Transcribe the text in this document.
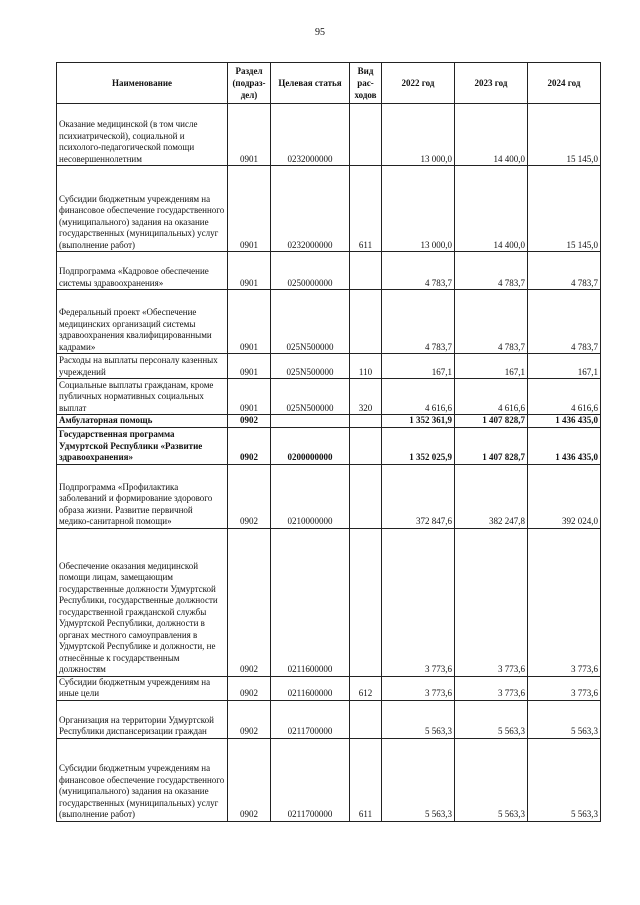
95
Наименование	Раздел (подраз-дел)	Целевая статья	Вид рас-ходов	2022 год	2023 год	2024 год
Оказание медицинской (в том числе психиатрической), социальной и психолого-педагогической помощи несовершеннолетним	0901	0232000000		13 000,0	14 400,0	15 145,0
Субсидии бюджетным учреждениям на финансовое обеспечение государственного (муниципального) задания на оказание государственных (муниципальных) услуг (выполнение работ)	0901	0232000000	611	13 000,0	14 400,0	15 145,0
Подпрограмма «Кадровое обеспечение системы здравоохранения»	0901	0250000000		4 783,7	4 783,7	4 783,7
Федеральный проект «Обеспечение медицинских организаций системы здравоохранения квалифицированными кадрами»	0901	025N500000		4 783,7	4 783,7	4 783,7
Расходы на выплаты персоналу казенных учреждений	0901	025N500000	110	167,1	167,1	167,1
Социальные выплаты гражданам, кроме публичных нормативных социальных выплат	0901	025N500000	320	4 616,6	4 616,6	4 616,6
Амбулаторная помощь	0902			1 352 361,9	1 407 828,7	1 436 435,0
Государственная программа Удмуртской Республики «Развитие здравоохранения»	0902	0200000000		1 352 025,9	1 407 828,7	1 436 435,0
Подпрограмма «Профилактика заболеваний и формирование здорового образа жизни. Развитие первичной медико-санитарной помощи»	0902	0210000000		372 847,6	382 247,8	392 024,0
Обеспечение оказания медицинской помощи лицам, замещающим государственные должности Удмуртской Республики, государственные должности государственной гражданской службы Удмуртской Республики, должности в органах местного самоуправления в Удмуртской Республике и должности, не отнесённые к государственным должностям	0902	0211600000		3 773,6	3 773,6	3 773,6
Субсидии бюджетным учреждениям на иные цели	0902	0211600000	612	3 773,6	3 773,6	3 773,6
Организация на территории Удмуртской Республики диспансеризации граждан	0902	0211700000		5 563,3	5 563,3	5 563,3
Субсидии бюджетным учреждениям на финансовое обеспечение государственного (муниципального) задания на оказание государственных (муниципальных) услуг (выполнение работ)	0902	0211700000	611	5 563,3	5 563,3	5 563,3
